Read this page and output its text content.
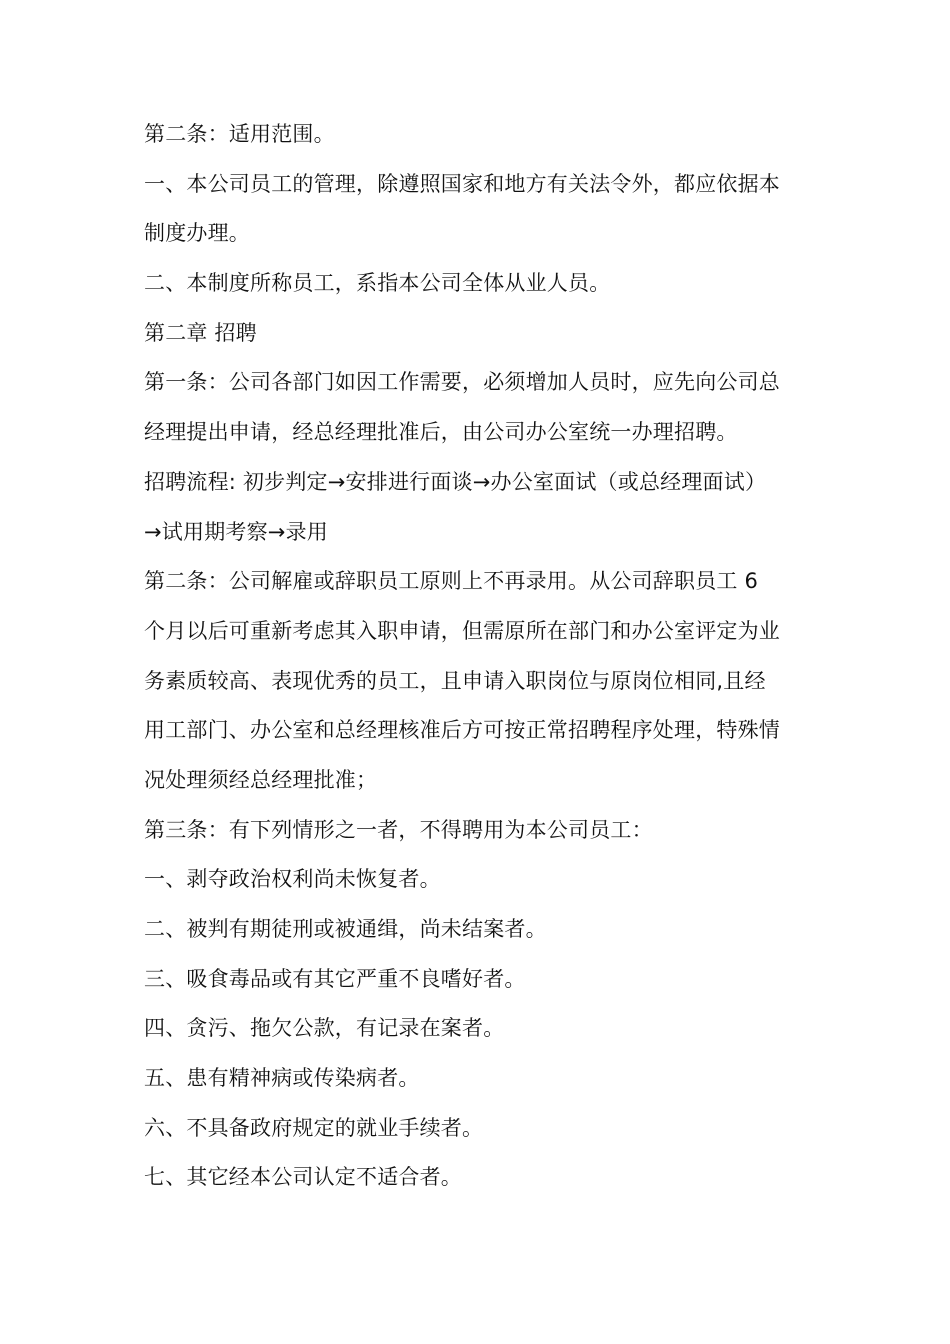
第二条：适用范围。

一、本公司员工的管理，除遵照国家和地方有关法令外，都应依据本

制度办理。

二、本制度所称员工，系指本公司全体从业人员。

第二章 招聘

第一条：公司各部门如因工作需要，必须增加人员时，应先向公司总

经理提出申请，经总经理批准后，由公司办公室统一办理招聘。

招聘流程: 初步判定→安排进行面谈→办公室面试（或总经理面试）

→试用期考察→录用

第二条：公司解雇或辞职员工原则上不再录用。从公司辞职员工 6

个月以后可重新考虑其入职申请，但需原所在部门和办公室评定为业

务素质较高、表现优秀的员工，且申请入职岗位与原岗位相同,且经

用工部门、办公室和总经理核准后方可按正常招聘程序处理，特殊情

况处理须经总经理批准；

第三条：有下列情形之一者，不得聘用为本公司员工：

一、剥夺政治权利尚未恢复者。

二、被判有期徒刑或被通缉，尚未结案者。

三、吸食毒品或有其它严重不良嗜好者。

四、贪污、拖欠公款，有记录在案者。

五、患有精神病或传染病者。

六、不具备政府规定的就业手续者。

七、其它经本公司认定不适合者。
